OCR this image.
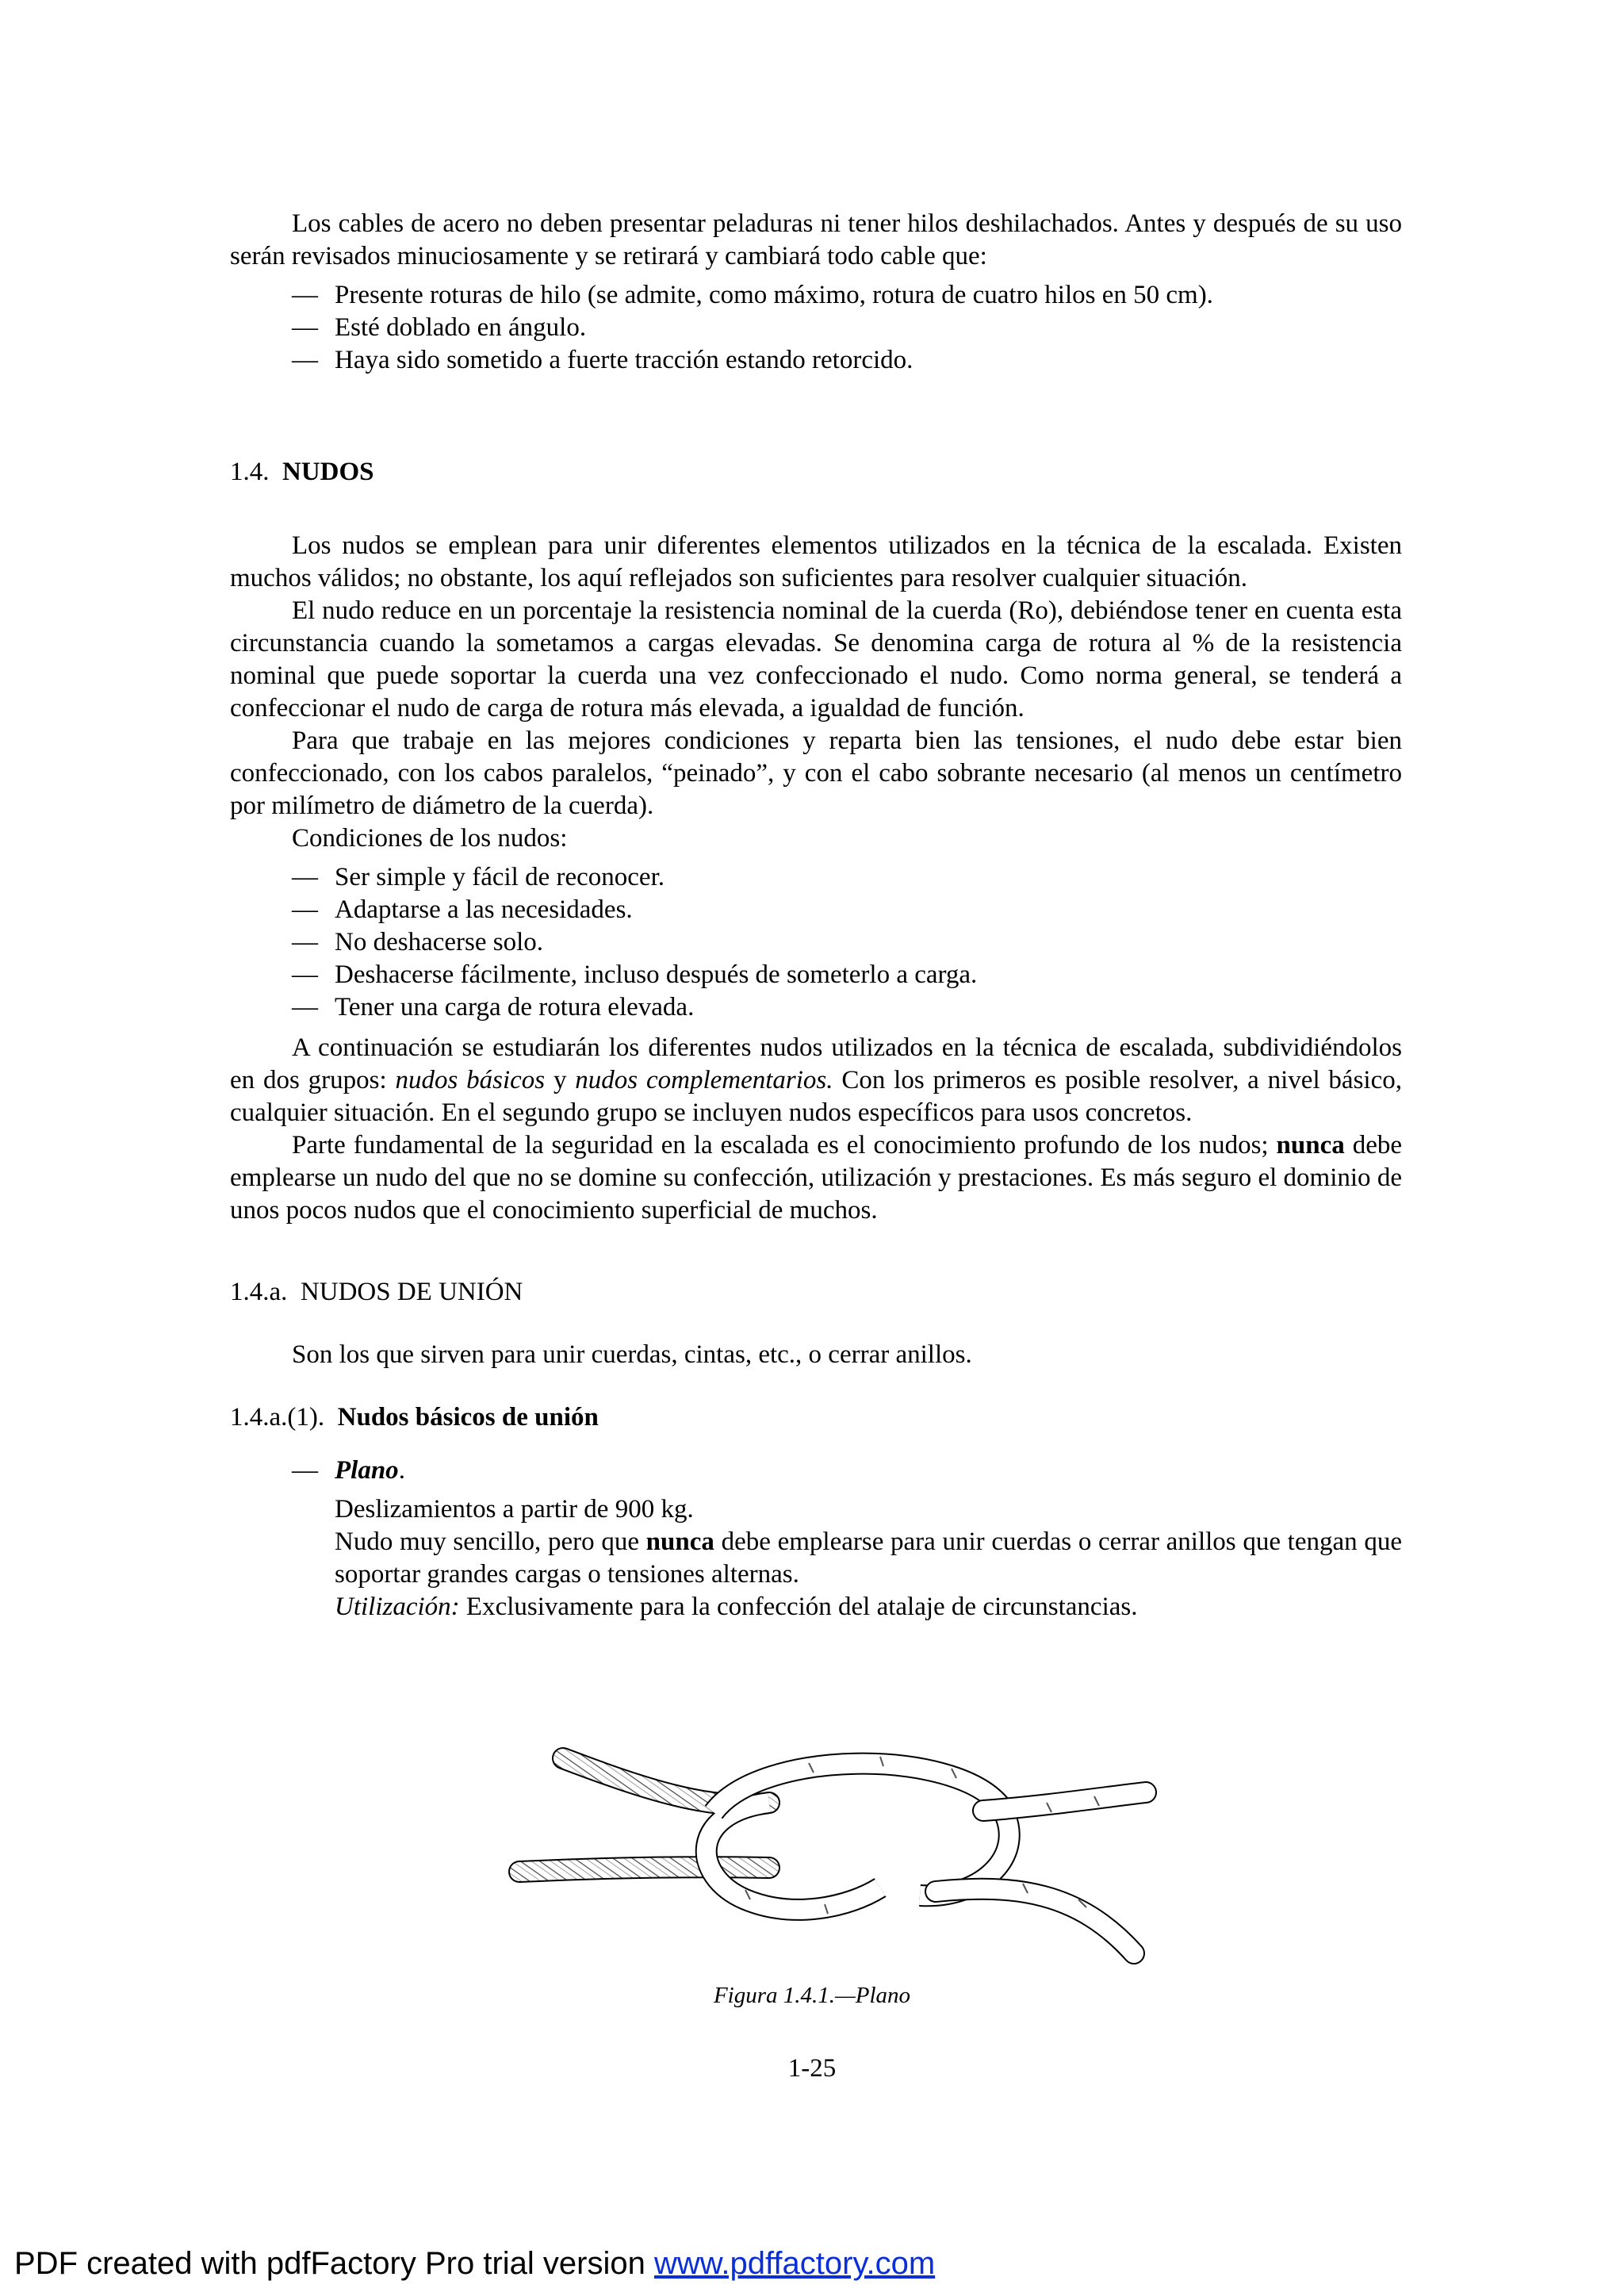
Los cables de acero no deben presentar peladuras ni tener hilos deshilachados. Antes y después de su uso serán revisados minuciosamente y se retirará y cambiará todo cable que:

— Presente roturas de hilo (se admite, como máximo, rotura de cuatro hilos en 50 cm).
— Esté doblado en ángulo.
— Haya sido sometido a fuerte tracción estando retorcido.
1.4. NUDOS

Los nudos se emplean para unir diferentes elementos utilizados en la técnica de la escalada. Existen muchos válidos; no obstante, los aquí reflejados son suficientes para resolver cualquier situación.

El nudo reduce en un porcentaje la resistencia nominal de la cuerda (Ro), debiéndose tener en cuenta esta circunstancia cuando la sometamos a cargas elevadas. Se denomina carga de rotura al % de la resistencia nominal que puede soportar la cuerda una vez confeccionado el nudo. Como norma general, se tenderá a confeccionar el nudo de carga de rotura más elevada, a igualdad de función.

Para que trabaje en las mejores condiciones y reparta bien las tensiones, el nudo debe estar bien confeccionado, con los cabos paralelos, “peinado”, y con el cabo sobrante necesario (al menos un centímetro por milímetro de diámetro de la cuerda).

Condiciones de los nudos:

— Ser simple y fácil de reconocer.
— Adaptarse a las necesidades.
— No deshacerse solo.
— Deshacerse fácilmente, incluso después de someterlo a carga.
— Tener una carga de rotura elevada.

A continuación se estudiarán los diferentes nudos utilizados en la técnica de escalada, subdividiéndolos en dos grupos: nudos básicos y nudos complementarios. Con los primeros es posible resolver, a nivel básico, cualquier situación. En el segundo grupo se incluyen nudos específicos para usos concretos.

Parte fundamental de la seguridad en la escalada es el conocimiento profundo de los nudos; nunca debe emplearse un nudo del que no se domine su confección, utilización y prestaciones. Es más seguro el dominio de unos pocos nudos que el conocimiento superficial de muchos.

1.4.a. NUDOS DE UNIÓN

Son los que sirven para unir cuerdas, cintas, etc., o cerrar anillos.

1.4.a.(1). Nudos básicos de unión
— Plano.
Deslizamientos a partir de 900 kg.
Nudo muy sencillo, pero que nunca debe emplearse para unir cuerdas o cerrar anillos que tengan que soportar grandes cargas o tensiones alternas.
Utilización: Exclusivamente para la confección del atalaje de circunstancias.
Figura 1.4.1.—Plano
1-25
PDF created with pdfFactory Pro trial version www.pdffactory.com
